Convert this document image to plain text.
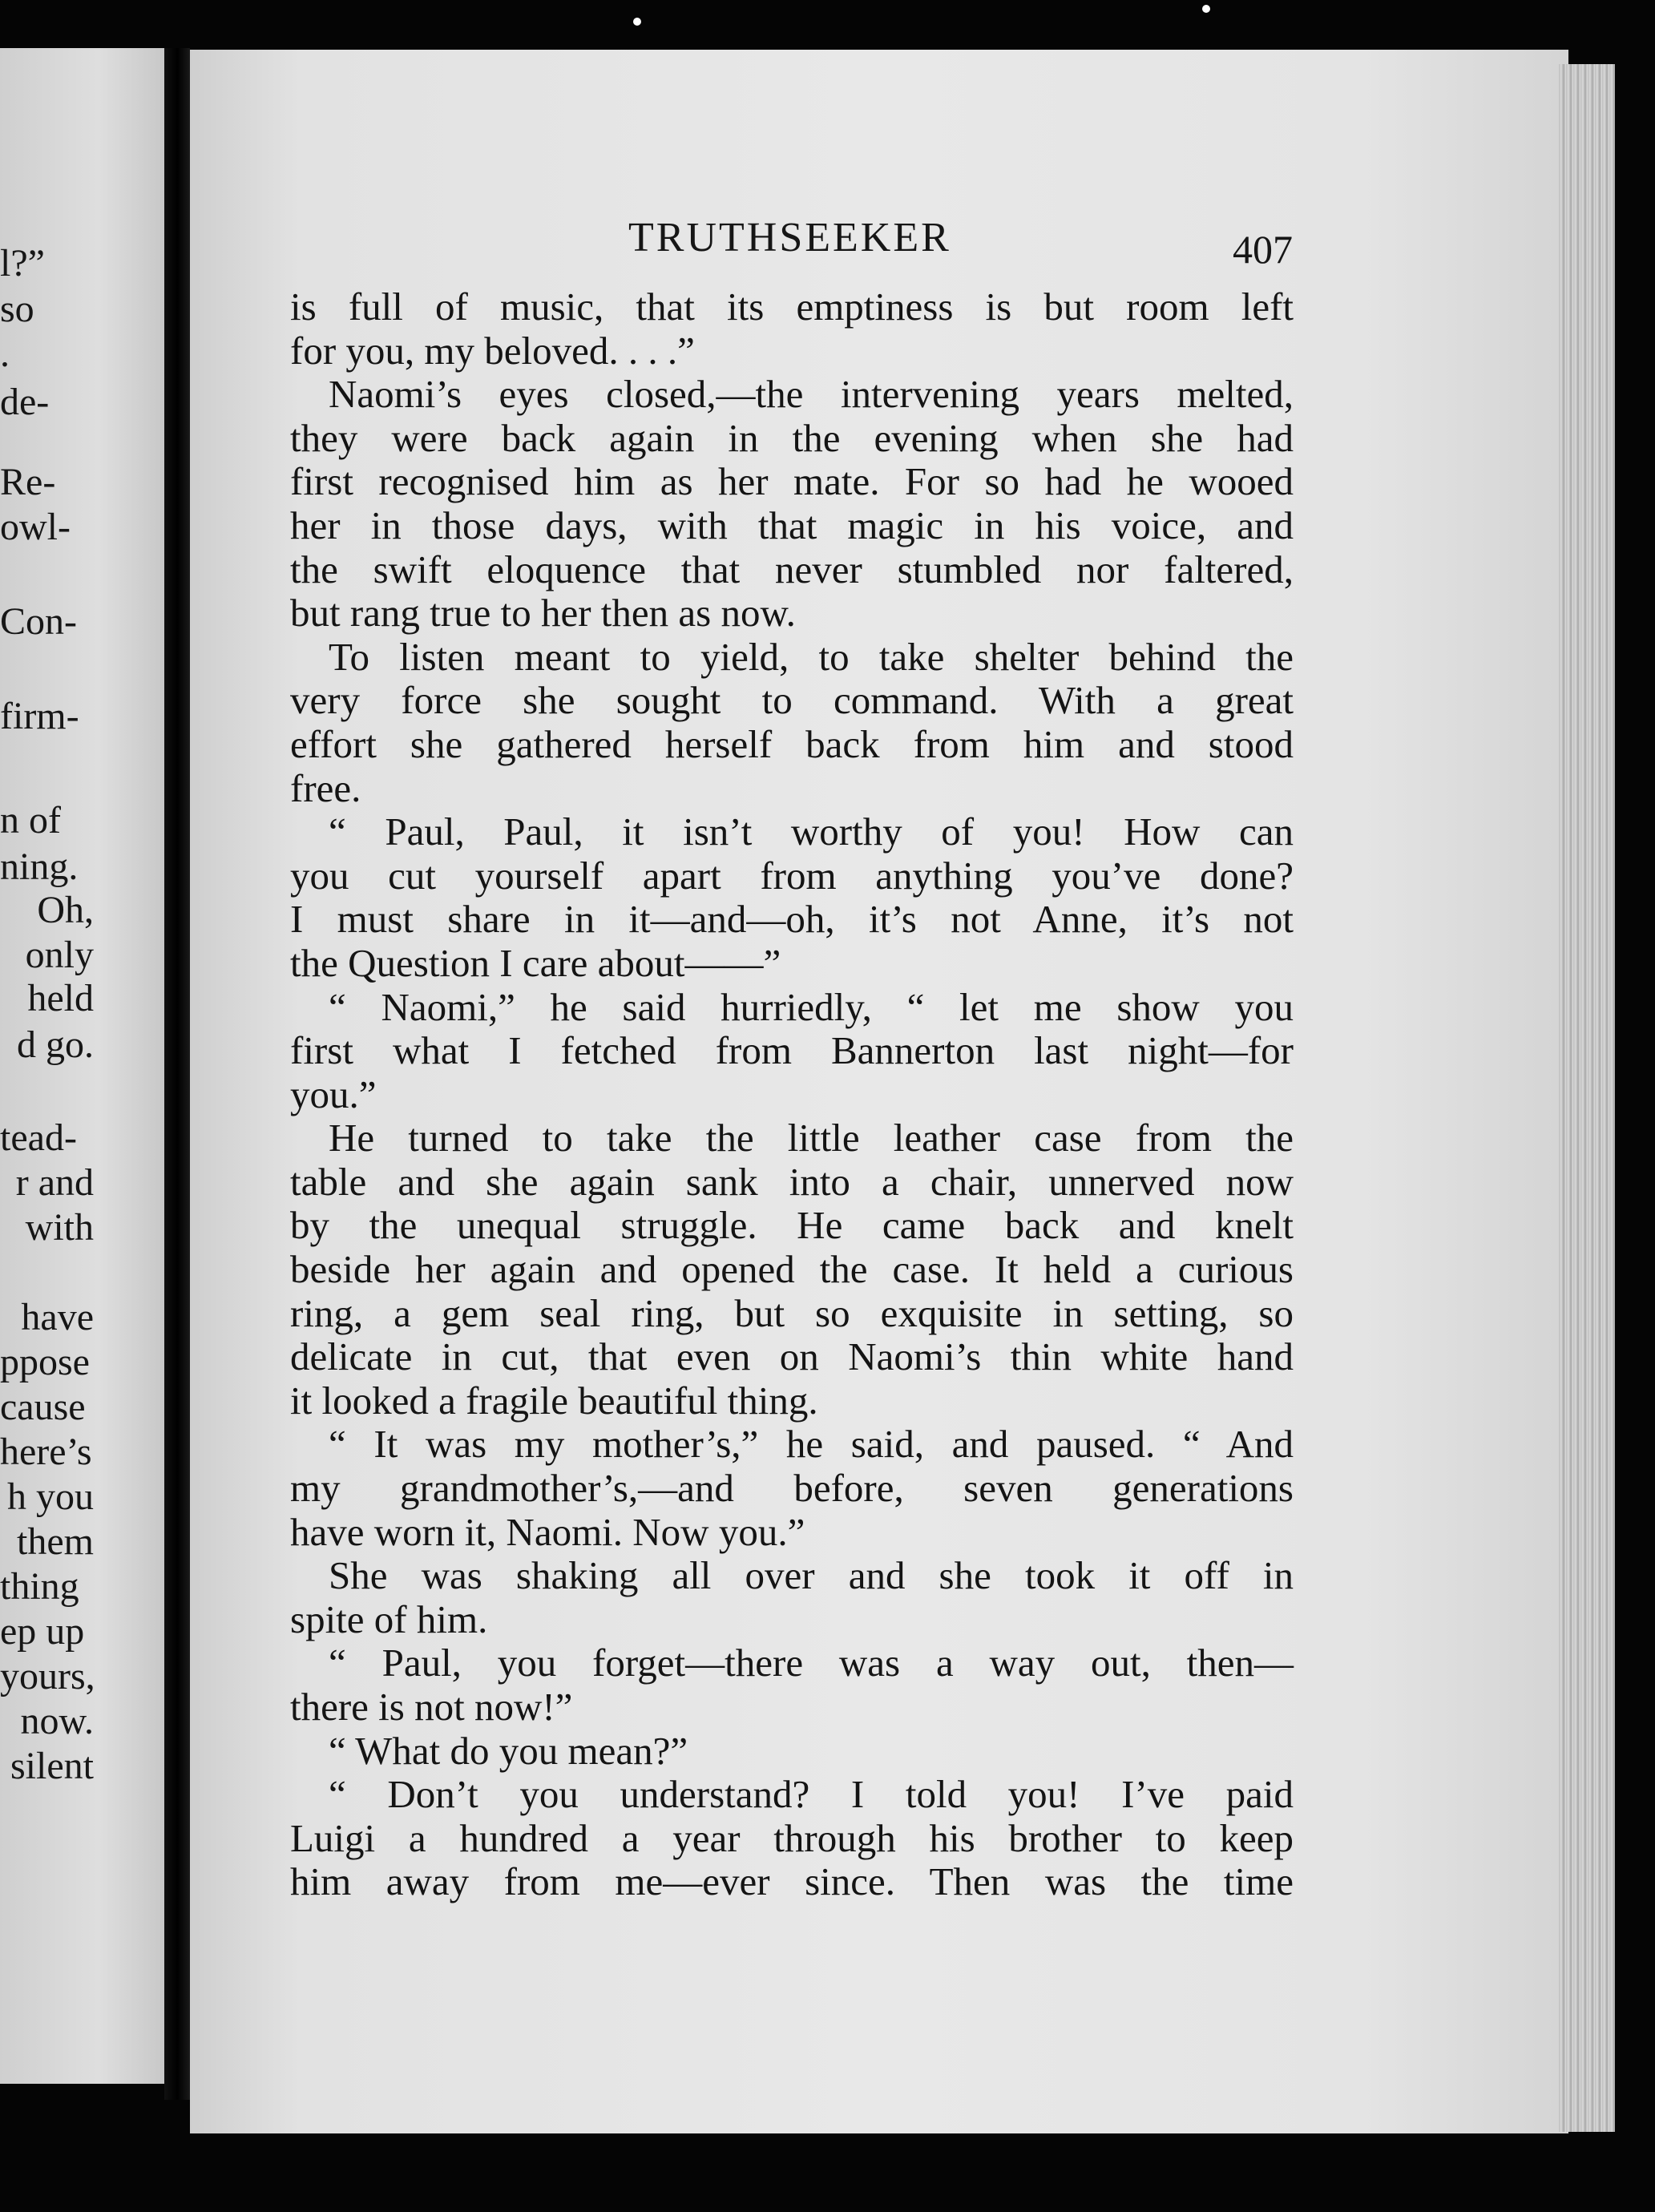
l?”
so
.
de-
Re-
owl-
Con-
firm-
n of
ning.
Oh,
only
held
d go.
tead-
r and
with
have
ppose
cause
here’s
h you
them
thing
ep up
yours,
now.
silent
TRUTHSEEKER	407
is full of music, that its emptiness is but room left
for you, my beloved. . . .”
Naomi’s eyes closed,—the intervening years melted,
they were back again in the evening when she had
first recognised him as her mate. For so had he wooed
her in those days, with that magic in his voice, and
the swift eloquence that never stumbled nor faltered,
but rang true to her then as now.
To listen meant to yield, to take shelter behind the
very force she sought to command. With a great
effort she gathered herself back from him and stood
free.
“ Paul, Paul, it isn’t worthy of you! How can
you cut yourself apart from anything you’ve done?
I must share in it—and—oh, it’s not Anne, it’s not
the Question I care about——”
“ Naomi,” he said hurriedly, “ let me show you
first what I fetched from Bannerton last night—for
you.”
He turned to take the little leather case from the
table and she again sank into a chair, unnerved now
by the unequal struggle. He came back and knelt
beside her again and opened the case. It held a curious
ring, a gem seal ring, but so exquisite in setting, so
delicate in cut, that even on Naomi’s thin white hand
it looked a fragile beautiful thing.
“ It was my mother’s,” he said, and paused. “ And
my grandmother’s,—and before, seven generations
have worn it, Naomi. Now you.”
She was shaking all over and she took it off in
spite of him.
“ Paul, you forget—there was a way out, then—
there is not now!”
“ What do you mean?”
“ Don’t you understand? I told you! I’ve paid
Luigi a hundred a year through his brother to keep
him away from me—ever since. Then was the time
